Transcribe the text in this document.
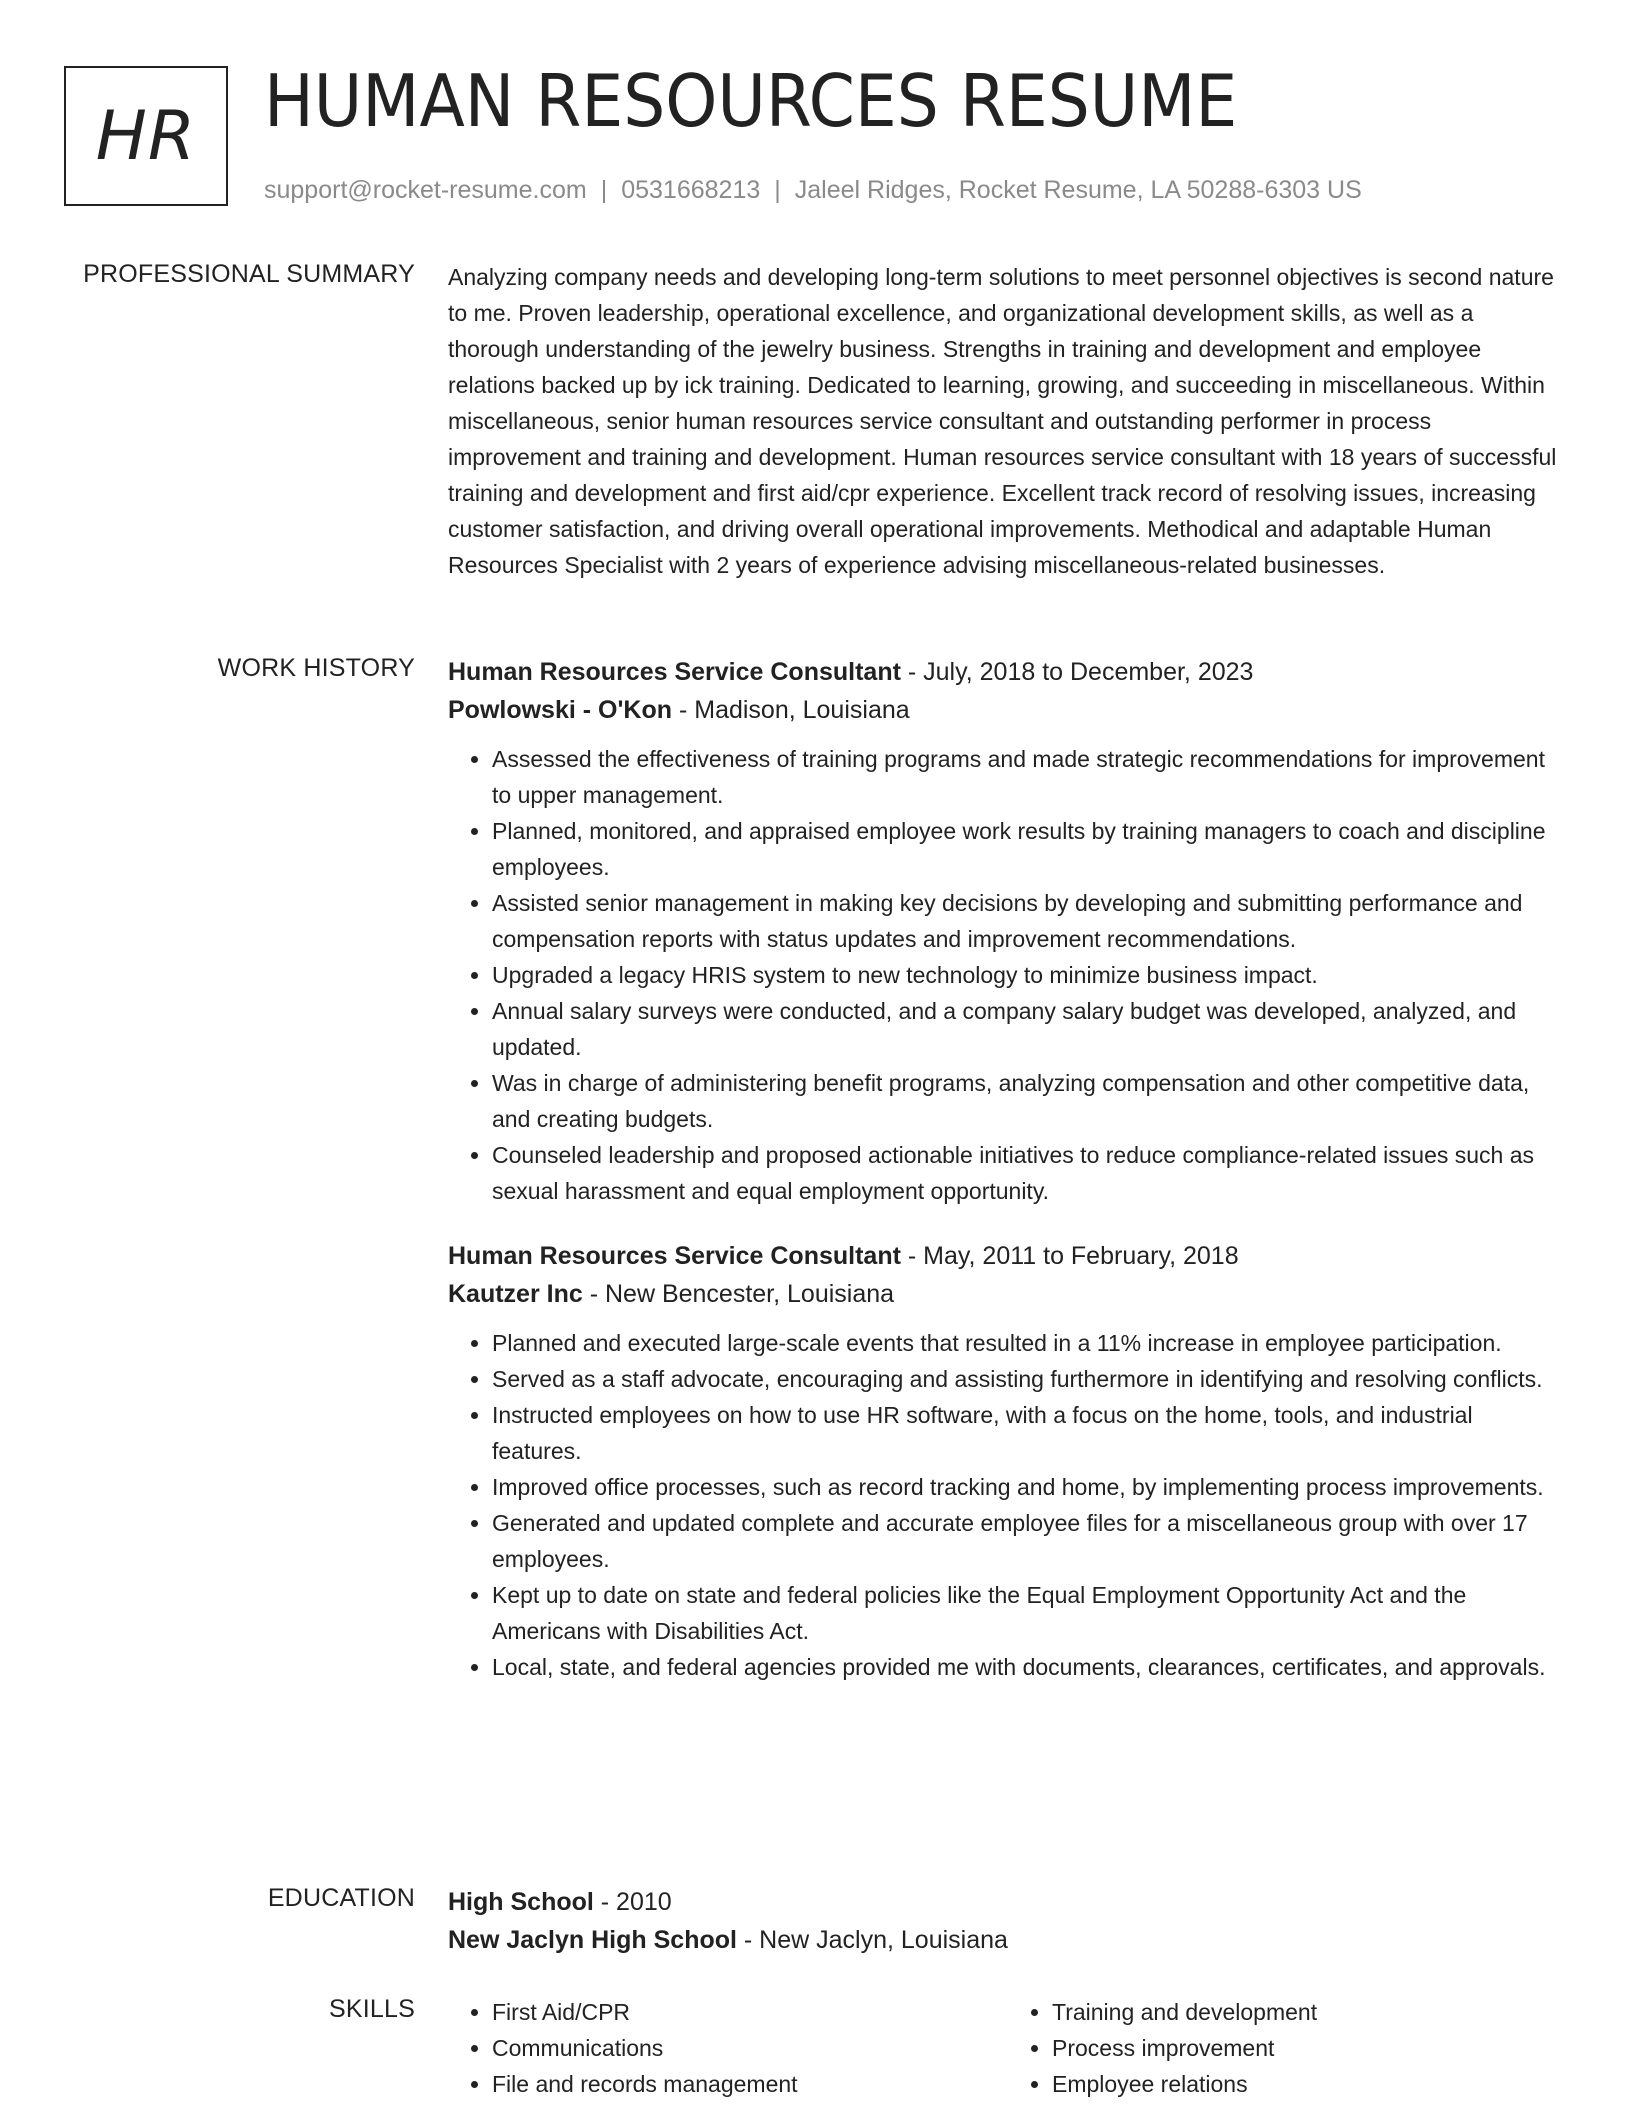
HR HUMAN RESOURCES RESUME
support@rocket-resume.com | 0531668213 | Jaleel Ridges, Rocket Resume, LA 50288-6303 US
PROFESSIONAL SUMMARY Analyzing company needs and developing long-term solutions to meet personnel objectives is second nature to me. Proven leadership, operational excellence, and organizational development skills, as well as a thorough understanding of the jewelry business. Strengths in training and development and employee relations backed up by ick training. Dedicated to learning, growing, and succeeding in miscellaneous. Within miscellaneous, senior human resources service consultant and outstanding performer in process improvement and training and development. Human resources service consultant with 18 years of successful training and development and first aid/cpr experience. Excellent track record of resolving issues, increasing customer satisfaction, and driving overall operational improvements. Methodical and adaptable Human Resources Specialist with 2 years of experience advising miscellaneous-related businesses.

WORK HISTORY Human Resources Service Consultant - July, 2018 to December, 2023
Powlowski - O'Kon - Madison, Louisiana
• Assessed the effectiveness of training programs and made strategic recommendations for improvement to upper management.
• Planned, monitored, and appraised employee work results by training managers to coach and discipline employees.
• Assisted senior management in making key decisions by developing and submitting performance and compensation reports with status updates and improvement recommendations.
• Upgraded a legacy HRIS system to new technology to minimize business impact.
• Annual salary surveys were conducted, and a company salary budget was developed, analyzed, and updated.
• Was in charge of administering benefit programs, analyzing compensation and other competitive data, and creating budgets.
• Counseled leadership and proposed actionable initiatives to reduce compliance-related issues such as sexual harassment and equal employment opportunity.
Human Resources Service Consultant - May, 2011 to February, 2018
Kautzer Inc - New Bencester, Louisiana
• Planned and executed large-scale events that resulted in a 11% increase in employee participation.
• Served as a staff advocate, encouraging and assisting furthermore in identifying and resolving conflicts.
• Instructed employees on how to use HR software, with a focus on the home, tools, and industrial features.
• Improved office processes, such as record tracking and home, by implementing process improvements.
• Generated and updated complete and accurate employee files for a miscellaneous group with over 17 employees.
• Kept up to date on state and federal policies like the Equal Employment Opportunity Act and the Americans with Disabilities Act.
• Local, state, and federal agencies provided me with documents, clearances, certificates, and approvals.
EDUCATION High School - 2010
New Jaclyn High School - New Jaclyn, Louisiana
SKILLS
•	First Aid/CPR
• Communications
• File and records management
• Training and development
• Process improvement
• Employee relations
